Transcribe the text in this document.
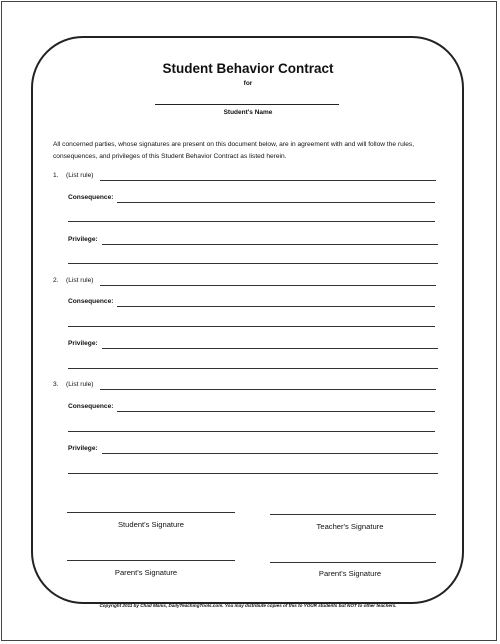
Student Behavior Contract
for
Student's Name
All concerned parties, whose signatures are present on this document below, are in agreement with and will follow the rules, consequences, and privileges of this Student Behavior Contract as listed herein.
1. (List rule)
Consequence:
Privilege:
2. (List rule)
Consequence:
Privilege:
3. (List rule)
Consequence:
Privilege:
Student's Signature	Teacher's Signature
Parent's Signature	Parent's Signature
Copyright 2011 by Chad Manis, DailyTeachingTools.com. You may distribute copies of this to YOUR students but NOT to other teachers.
